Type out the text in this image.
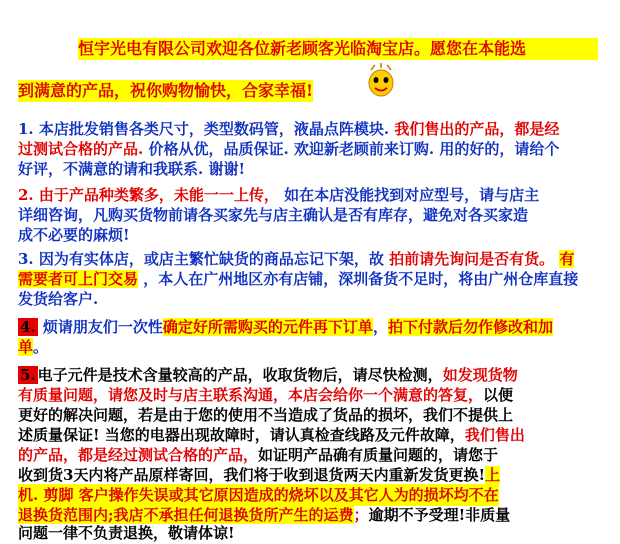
恒宇光电有限公司欢迎各位新老顾客光临淘宝店。愿您在本能选
到满意的产品，祝你购物愉快，合家幸福!
1. 本店批发销售各类尺寸，类型数码管，液晶点阵模块. 我们售出的产品，都是经
过测试合格的产品. 价格从优，品质保证. 欢迎新老顾前来订购. 用的好的，请给个
好评，不满意的请和我联系. 谢谢!
2. 由于产品种类繁多，未能一一上传， 如在本店没能找到对应型号，请与店主
详细咨询，凡购买货物前请各买家先与店主确认是否有库存，避免对各买家造
成不必要的麻烦!
3. 因为有实体店，或店主繁忙缺货的商品忘记下架，故 拍前请先询问是否有货。 有
需要者可上门交易 ，本人在广州地区亦有店铺，深圳备货不足时，将由广州仓库直接
发货给客户.
4. 烦请朋友们一次性确定好所需购买的元件再下订单，拍下付款后勿作修改和加
单。
5. 电子元件是技术含量较高的产品，收取货物后，请尽快检测，如发现货物
有质量问题，请您及时与店主联系沟通，本店会给你一个满意的答复，以便
更好的解决问题，若是由于您的使用不当造成了货品的损坏，我们不提供上
述质量保证! 当您的电器出现故障时，请认真检查线路及元件故障，我们售出
的产品，都是经过测试合格的产品，如证明产品确有质量问题的，请您于
收到货3天内将产品原样寄回，我们将于收到退货两天内重新发货更换!上
机. 剪脚 客户操作失误或其它原因造成的烧坏以及其它人为的损坏均不在
退换货范围内;我店不承担任何退换货所产生的运费；逾期不予受理!非质量
问题一律不负责退换，敬请体谅!
